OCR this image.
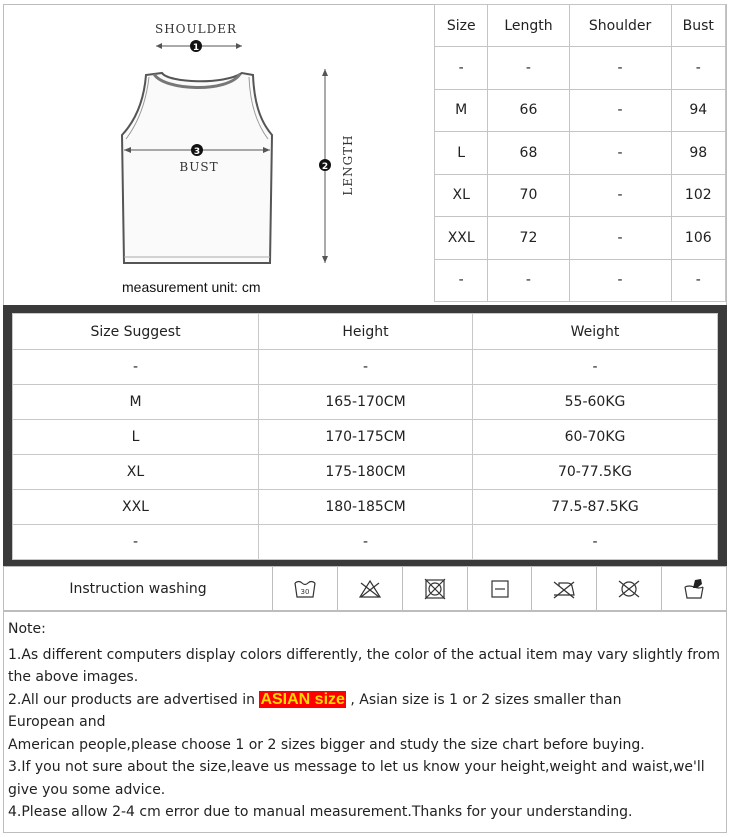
SHOULDER
1
3
BUST	2 LENGTH
measurement unit: cm
Size	Length	Shoulder	Bust
-	-	-	-
M	66	-	94
L	68	-	98
XL	70	-	102
XXL	72	-	106
-	-	-	-
Size Suggest	Height	Weight
-	-	-
M	165-170CM	55-60KG
L	170-175CM	60-70KG
XL	175-180CM	70-77.5KG
XXL	180-185CM	77.5-87.5KG
-	-	-
Instruction washing	30

Note:

1.As different computers display colors differently, the color of the actual item may vary slightly from the above images.

2.All our products are advertised in ASIAN size , Asian size is 1 or 2 sizes smaller than

European and

American people,please choose 1 or 2 sizes bigger and study the size chart before buying.

3.If you not sure about the size,leave us message to let us know your height,weight and waist,we'll give you some advice.

4.Please allow 2-4 cm error due to manual measurement.Thanks for your understanding.
